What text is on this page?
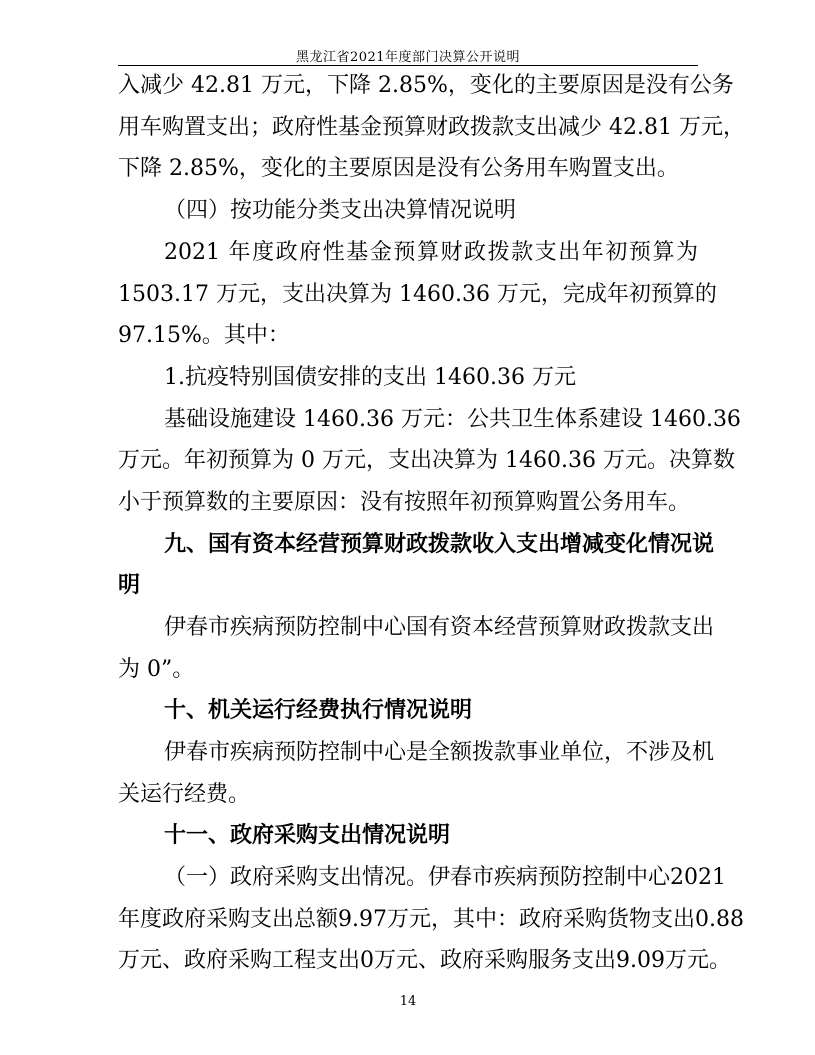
黑龙江省2021年度部门决算公开说明
入减少 42.81 万元，下降 2.85%，变化的主要原因是没有公务
用车购置支出；政府性基金预算财政拨款支出减少 42.81 万元，
下降 2.85%，变化的主要原因是没有公务用车购置支出。
（四）按功能分类支出决算情况说明
2021 年度政府性基金预算财政拨款支出年初预算为
1503.17 万元，支出决算为 1460.36 万元，完成年初预算的
97.15%。其中：
1.抗疫特别国债安排的支出 1460.36 万元
基础设施建设 1460.36 万元：公共卫生体系建设 1460.36
万元。年初预算为 0 万元，支出决算为 1460.36 万元。决算数
小于预算数的主要原因：没有按照年初预算购置公务用车。
九、国有资本经营预算财政拨款收入支出增减变化情况说
明
伊春市疾病预防控制中心国有资本经营预算财政拨款支出
为 0”。
十、机关运行经费执行情况说明
伊春市疾病预防控制中心是全额拨款事业单位，不涉及机
关运行经费。
十一、政府采购支出情况说明
（一）政府采购支出情况。伊春市疾病预防控制中心2021
年度政府采购支出总额9.97万元，其中：政府采购货物支出0.88
万元、政府采购工程支出0万元、政府采购服务支出9.09万元。
14
